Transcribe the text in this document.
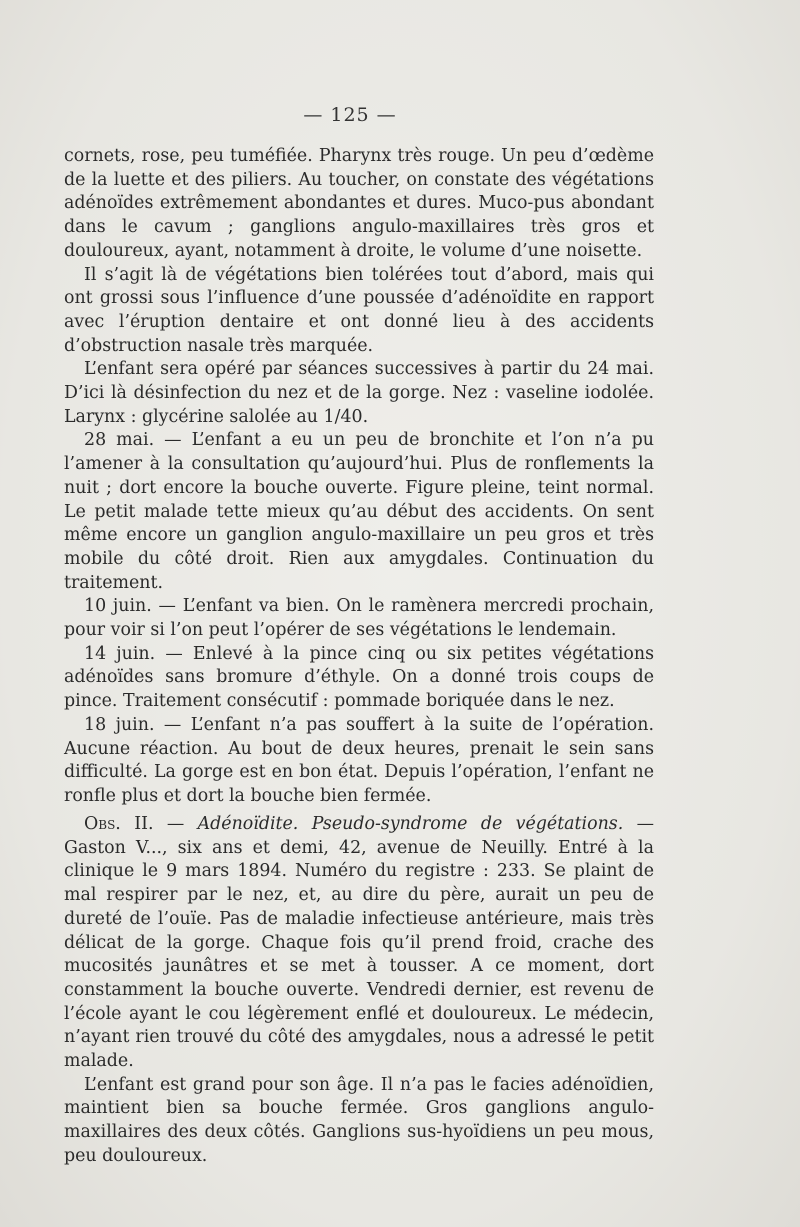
— 125 —

cornets, rose, peu tuméfiée. Pharynx très rouge. Un peu d’œdème de la luette et des piliers. Au toucher, on constate des végétations adénoïdes extrêmement abondantes et dures. Muco-pus abondant dans le cavum ; ganglions angulo-maxillaires très gros et douloureux, ayant, notamment à droite, le volume d’une noisette.

Il s’agit là de végétations bien tolérées tout d’abord, mais qui ont grossi sous l’influence d’une poussée d’adénoïdite en rapport avec l’éruption dentaire et ont donné lieu à des accidents d’obstruction nasale très marquée.

L’enfant sera opéré par séances successives à partir du 24 mai. D’ici là désinfection du nez et de la gorge. Nez : vaseline iodolée. Larynx : glycérine salolée au 1/40.

28 mai. — L’enfant a eu un peu de bronchite et l’on n’a pu l’amener à la consultation qu’aujourd’hui. Plus de ronflements la nuit ; dort encore la bouche ouverte. Figure pleine, teint normal. Le petit malade tette mieux qu’au début des accidents. On sent même encore un ganglion angulo-maxillaire un peu gros et très mobile du côté droit. Rien aux amygdales. Continuation du traitement.

10 juin. — L’enfant va bien. On le ramènera mercredi prochain, pour voir si l’on peut l’opérer de ses végétations le lendemain.

14 juin. — Enlevé à la pince cinq ou six petites végétations adénoïdes sans bromure d’éthyle. On a donné trois coups de pince. Traitement consécutif : pommade boriquée dans le nez.

18 juin. — L’enfant n’a pas souffert à la suite de l’opération. Aucune réaction. Au bout de deux heures, prenait le sein sans difficulté. La gorge est en bon état. Depuis l’opération, l’enfant ne ronfle plus et dort la bouche bien fermée.

Obs. II. — Adénoïdite. Pseudo-syndrome de végétations. — Gaston V..., six ans et demi, 42, avenue de Neuilly. Entré à la clinique le 9 mars 1894. Numéro du registre : 233. Se plaint de mal respirer par le nez, et, au dire du père, aurait un peu de dureté de l’ouïe. Pas de maladie infectieuse antérieure, mais très délicat de la gorge. Chaque fois qu’il prend froid, crache des mucosités jaunâtres et se met à tousser. A ce moment, dort constamment la bouche ouverte. Vendredi dernier, est revenu de l’école ayant le cou légèrement enflé et douloureux. Le médecin, n’ayant rien trouvé du côté des amygdales, nous a adressé le petit malade.

L’enfant est grand pour son âge. Il n’a pas le facies adénoïdien, maintient bien sa bouche fermée. Gros ganglions angulo-maxillaires des deux côtés. Ganglions sus-hyoïdiens un peu mous, peu douloureux.
